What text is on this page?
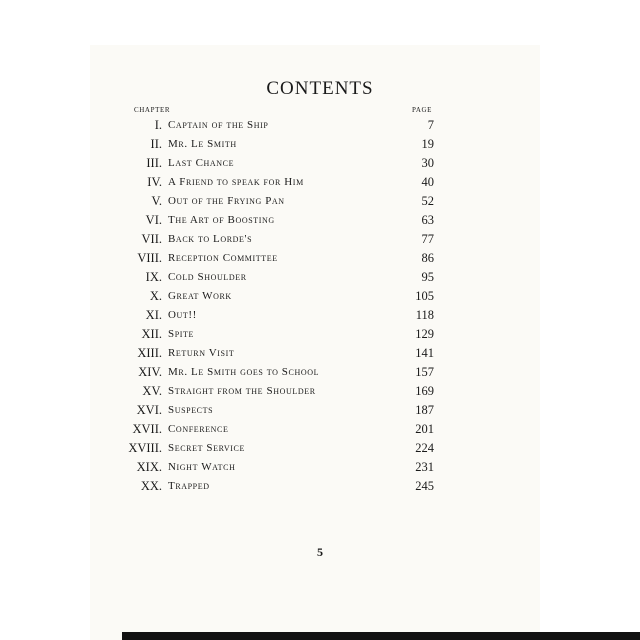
CONTENTS
CHAPTER	PAGE
I. Captain of the Ship	7
II. Mr. Le Smith	19
III. Last Chance	30
IV. A Friend to speak for Him	40
V. Out of the Frying Pan	52
VI. The Art of Boosting	63
VII. Back to Lorde's	77
VIII. Reception Committee	86
IX. Cold Shoulder	95
X. Great Work	105
XI. Out!!	118
XII. Spite	129
XIII. Return Visit	141
XIV. Mr. Le Smith goes to School	157
XV. Straight from the Shoulder	169
XVI. Suspects	187
XVII. Conference	201
XVIII. Secret Service	224
XIX. Night Watch	231
XX. Trapped	245
5
